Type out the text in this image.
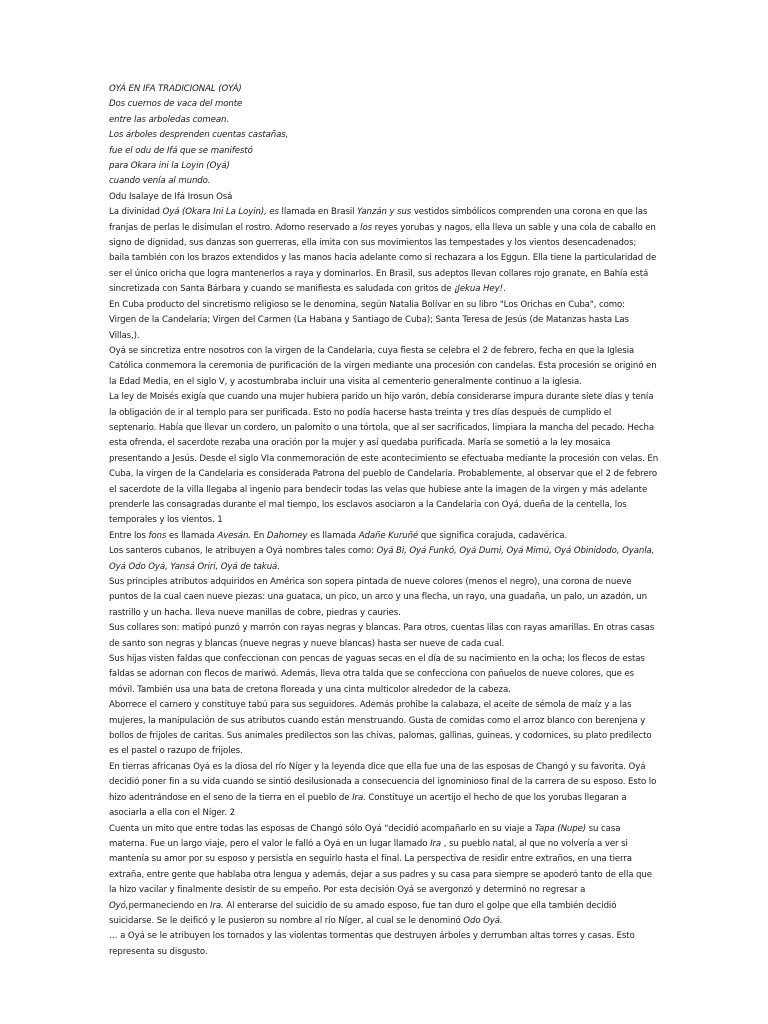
OYÁ EN IFA TRADICIONAL (OYÁ)

Dos cuernos de vaca del monte

entre las arboledas comean.

Los árboles desprenden cuentas castañas,

fue el odu de Ifá que se manifestó

para Okara ini la Loyin (Oyá)

cuando venía al mundo.

Odu Isalaye de Ifá Irosun Osá

La divinidad Oyá (Okara Ini La Loyin), es llamada en Brasil Yanzán y sus vestidos simbólicos comprenden una corona en que las franjas de perlas le disimulan el rostro. Adorno reservado a los reyes yorubas y nagos, ella lleva un sable y una cola de caballo en signo de dignidad, sus danzas son guerreras, ella imita con sus movimientos las tempestades y los vientos desencadenados; baila también con los brazos extendidos y las manos hacia adelante como si rechazara a los Eggun. Ella tiene la particularidad de ser el único oricha que logra mantenerlos a raya y dominarlos. En Brasil, sus adeptos llevan collares rojo granate, en Bahía está sincretizada con Santa Bárbara y cuando se manifiesta es saludada con gritos de ¡Jekua Hey!.

En Cuba producto del sincretismo religioso se le denomina, según Natalia Bolívar en su libro "Los Orichas en Cuba", como:

Virgen de la Candelaria; Virgen del Carmen (La Habana y Santiago de Cuba); Santa Teresa de Jesús (de Matanzas hasta Las Villas,).

Oyá se sincretiza entre nosotros con la virgen de la Candelaria, cuya fiesta se celebra el 2 de febrero, fecha en que la Iglesia Católica conmemora la ceremonia de purificación de la virgen mediante una procesión con candelas. Esta procesión se originó en la Edad Media, en el siglo V, y acostumbraba incluir una visita al cementerio generalmente continuo a la iglesia.

La ley de Moisés exigía que cuando una mujer hubiera parido un hijo varón, debía considerarse impura durante siete días y tenía la obligación de ir al templo para ser purificada. Esto no podía hacerse hasta treinta y tres días después de cumplido el septenario. Había que llevar un cordero, un palomito o una tórtola, que al ser sacrificados, limpiara la mancha del pecado. Hecha esta ofrenda, el sacerdote rezaba una oración por la mujer y así quedaba purificada. María se sometió a la ley mosaica presentando a Jesús. Desde el siglo VIa conmemoración de este acontecimiento se efectuaba mediante la procesión con velas. En Cuba, la virgen de la Candelaria es considerada Patrona del pueblo de Candelaria. Probablemente, al observar que el 2 de febrero el sacerdote de la villa llegaba al ingenio para bendecir todas las velas que hubiese ante la imagen de la virgen y más adelante prenderle las consagradas durante el mal tiempo, los esclavos asociaron a la Candelaria con Oyá, dueña de la centella, los temporales y los vientos. 1

Entre los fons es llamada Avesán. En Dahomey es llamada Adañe Kuruñé que significa corajuda, cadavérica.

Los santeros cubanos, le atribuyen a Oyá nombres tales como: Oyá Bi, Oyá Funkó, Oyá Dumi, Oyá Mimú, Oyá Obinidodo, Oyanla, Oyá Odo Oyá, Yansá Oriri, Oyá de takuá.

Sus principles atributos adquiridos en América son sopera pintada de nueve colores (menos el negro), una corona de nueve puntos de la cual caen nueve piezas: una guataca, un pico, un arco y una flecha, un rayo, una guadaña, un palo, un azadón, un rastrillo y un hacha. lleva nueve manillas de cobre, piedras y cauries.

Sus collares son: matipó punzó y marrón con rayas negras y blancas. Para otros, cuentas lilas con rayas amarillas. En otras casas de santo son negras y blancas (nueve negras y nueve blancas) hasta ser nueve de cada cual.

Sus hijas visten faldas que confeccionan con pencas de yaguas secas en el día de su nacimiento en la ocha; los flecos de estas faldas se adornan con flecos de mariwó. Además, lleva otra talda que se confecciona con pañuelos de nueve colores, que es móvil. También usa una bata de cretona floreada y una cinta multicolor alrededor de la cabeza.

Aborrece el carnero y constituye tabú para sus seguidores. Además prohibe la calabaza, el aceite de sémola de maíz y a las mujeres, la manipulación de sus atributos cuando están menstruando. Gusta de comidas como el arroz blanco con berenjena y bollos de frijoles de caritas. Sus animales predilectos son las chivas, palomas, gallinas, guineas, y codornices, su plato predilecto es el pastel o razupo de frijoles.

En tierras africanas Oyá es la diosa del río Níger y la leyenda dice que ella fue una de las esposas de Changó y su favorita. Oyá decidió poner fin a su vida cuando se sintió desilusionada a consecuencia del ignominioso final de la carrera de su esposo. Esto lo hizo adentrándose en el seno de la tierra en el pueblo de Ira. Constituye un acertijo el hecho de que los yorubas llegaran a asociarla a ella con el Níger. 2

Cuenta un mito que entre todas las esposas de Changó sólo Oyá "decidió acompañarlo en su viaje a Tapa (Nupe) su casa materna. Fue un largo viaje, pero el valor le falló a Oyá en un lugar llamado Ira , su pueblo natal, al que no volvería a ver si mantenía su amor por su esposo y persistía en seguirlo hasta el final. La perspectiva de residir entre extraños, en una tierra extraña, entre gente que hablaba otra lengua y además, dejar a sus padres y su casa para siempre se apoderó tanto de ella que la hizo vacilar y finalmente desistir de su empeño. Por esta decisión Oyá se avergonzó y determinó no regresar a Oyó,permaneciendo en Ira. Al enterarse del suicidio de su amado esposo, fue tan duro el golpe que ella también decidió suicidarse. Se le deificó y le pusieron su nombre al río Níger, al cual se le denominó Odo Oyá.

… a Oyá se le atribuyen los tornados y las violentas tormentas que destruyen árboles y derrumban altas torres y casas. Esto representa su disgusto.
